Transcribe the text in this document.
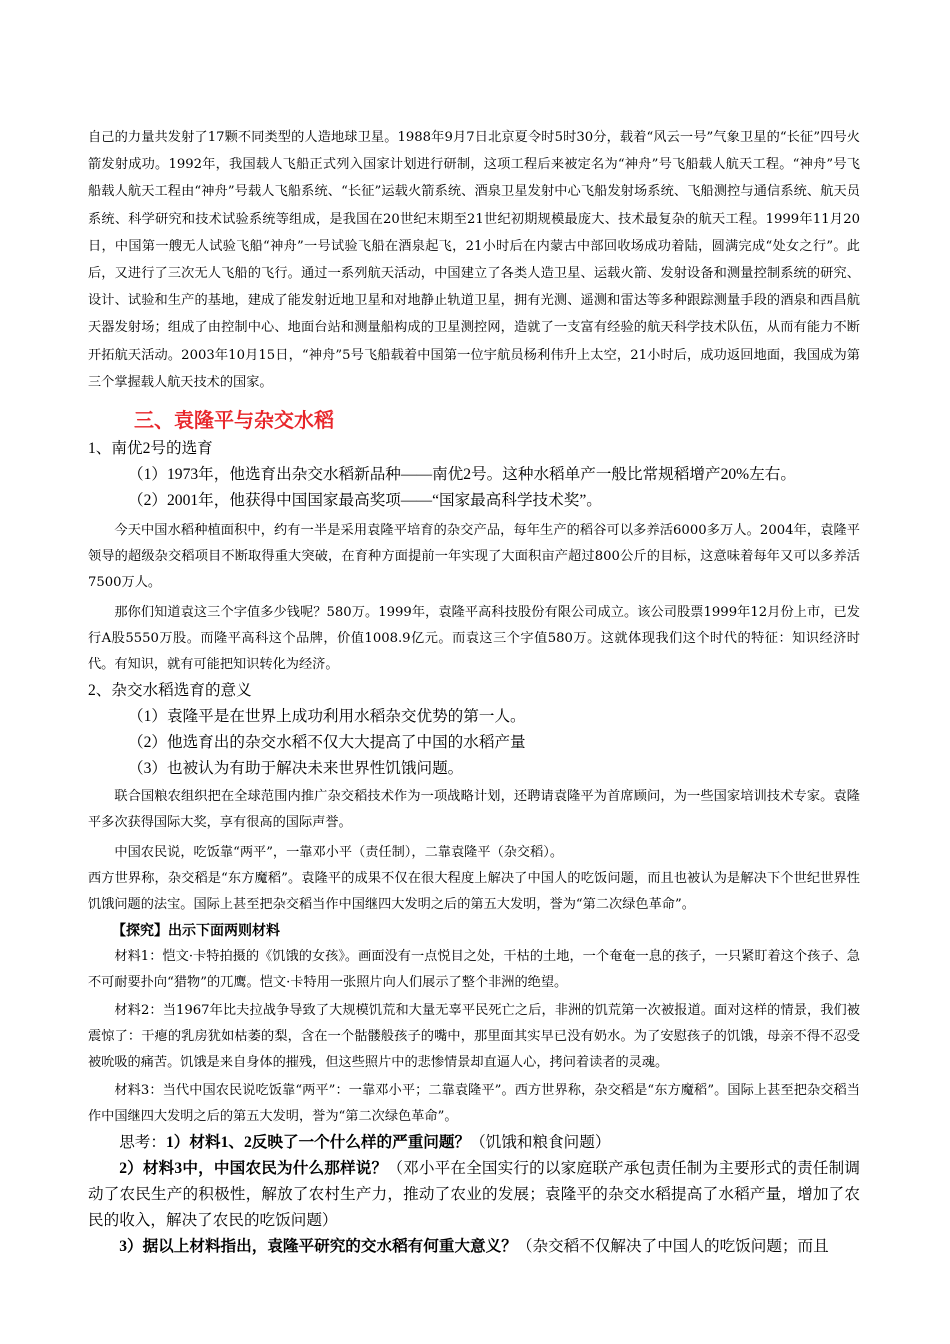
自己的力量共发射了17颗不同类型的人造地球卫星。1988年9月7日北京夏令时5时30分，载着“风云一号”气象卫星的“长征”四号火箭发射成功。1992年，我国载人飞船正式列入国家计划进行研制，这项工程后来被定名为“神舟”号飞船载人航天工程。“神舟”号飞船载人航天工程由“神舟”号载人飞船系统、“长征”运载火箭系统、酒泉卫星发射中心飞船发射场系统、飞船测控与通信系统、航天员系统、科学研究和技术试验系统等组成，是我国在20世纪末期至21世纪初期规模最庞大、技术最复杂的航天工程。1999年11月20日，中国第一艘无人试验飞船“神舟”一号试验飞船在酒泉起飞，21小时后在内蒙古中部回收场成功着陆，圆满完成“处女之行”。此后，又进行了三次无人飞船的飞行。通过一系列航天活动，中国建立了各类人造卫星、运载火箭、发射设备和测量控制系统的研究、设计、试验和生产的基地，建成了能发射近地卫星和对地静止轨道卫星，拥有光测、遥测和雷达等多种跟踪测量手段的酒泉和西昌航天器发射场；组成了由控制中心、地面台站和测量船构成的卫星测控网，造就了一支富有经验的航天科学技术队伍，从而有能力不断开拓航天活动。2003年10月15日，“神舟”5号飞船载着中国第一位宇航员杨利伟升上太空，21小时后，成功返回地面，我国成为第三个掌握载人航天技术的国家。

三、袁隆平与杂交水稻

1、南优2号的选育

（1）1973年，他选育出杂交水稻新品种——南优2号。这种水稻单产一般比常规稻增产20%左右。

（2）2001年，他获得中国国家最高奖项——“国家最高科学技术奖”。

今天中国水稻种植面积中，约有一半是采用袁隆平培育的杂交产品，每年生产的稻谷可以多养活6000多万人。2004年，袁隆平领导的超级杂交稻项目不断取得重大突破，在育种方面提前一年实现了大面积亩产超过800公斤的目标，这意味着每年又可以多养活7500万人。

那你们知道袁这三个字值多少钱呢？580万。1999年，袁隆平高科技股份有限公司成立。该公司股票1999年12月份上市，已发行A股5550万股。而隆平高科这个品牌，价值1008.9亿元。而袁这三个字值580万。这就体现我们这个时代的特征：知识经济时代。有知识，就有可能把知识转化为经济。

2、杂交水稻选育的意义

（1）袁隆平是在世界上成功利用水稻杂交优势的第一人。

（2）他选育出的杂交水稻不仅大大提高了中国的水稻产量

（3）也被认为有助于解决未来世界性饥饿问题。

联合国粮农组织把在全球范围内推广杂交稻技术作为一项战略计划，还聘请袁隆平为首席顾问，为一些国家培训技术专家。袁隆平多次获得国际大奖，享有很高的国际声誉。

中国农民说，吃饭靠“两平”，一靠邓小平（责任制），二靠袁隆平（杂交稻）。

西方世界称，杂交稻是“东方魔稻”。袁隆平的成果不仅在很大程度上解决了中国人的吃饭问题，而且也被认为是解决下个世纪世界性饥饿问题的法宝。国际上甚至把杂交稻当作中国继四大发明之后的第五大发明，誉为“第二次绿色革命”。

【探究】出示下面两则材料

材料1：恺文·卡特拍摄的《饥饿的女孩》。画面没有一点悦目之处，干枯的土地，一个奄奄一息的孩子，一只紧盯着这个孩子、急不可耐要扑向“猎物”的兀鹰。恺文·卡特用一张照片向人们展示了整个非洲的绝望。

材料2：当1967年比夫拉战争导致了大规模饥荒和大量无辜平民死亡之后，非洲的饥荒第一次被报道。面对这样的情景，我们被震惊了：干瘪的乳房犹如枯萎的梨，含在一个骷髅般孩子的嘴中，那里面其实早已没有奶水。为了安慰孩子的饥饿，母亲不得不忍受被吮吸的痛苦。饥饿是来自身体的摧残，但这些照片中的悲惨情景却直逼人心，拷问着读者的灵魂。

材料3：当代中国农民说吃饭靠“两平”：一靠邓小平；二靠袁隆平”。西方世界称，杂交稻是“东方魔稻”。国际上甚至把杂交稻当作中国继四大发明之后的第五大发明，誉为“第二次绿色革命”。

思考：1）材料1、2反映了一个什么样的严重问题？（饥饿和粮食问题）

2）材料3中，中国农民为什么那样说？（邓小平在全国实行的以家庭联产承包责任制为主要形式的责任制调动了农民生产的积极性，解放了农村生产力，推动了农业的发展；袁隆平的杂交水稻提高了水稻产量，增加了农民的收入，解决了农民的吃饭问题）

3）据以上材料指出，袁隆平研究的交水稻有何重大意义？（杂交稻不仅解决了中国人的吃饭问题；而且
